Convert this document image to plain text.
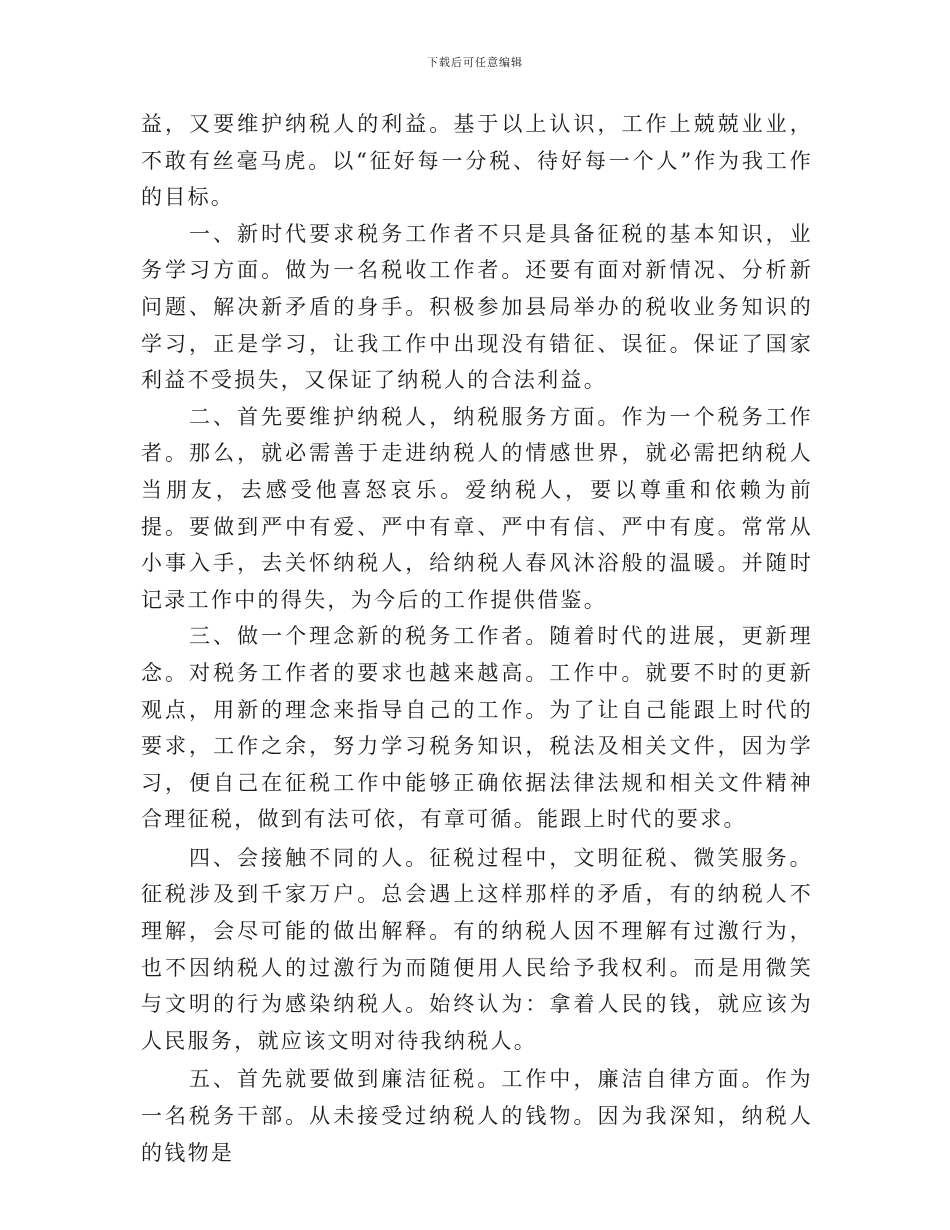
下载后可任意编辑

益，又要维护纳税人的利益。基于以上认识，工作上兢兢业业，不敢有丝毫马虎。以“征好每一分税、待好每一个人”作为我工作的目标。

一、新时代要求税务工作者不只是具备征税的基本知识，业务学习方面。做为一名税收工作者。还要有面对新情况、分析新问题、解决新矛盾的身手。积极参加县局举办的税收业务知识的学习，正是学习，让我工作中出现没有错征、误征。保证了国家利益不受损失，又保证了纳税人的合法利益。

二、首先要维护纳税人，纳税服务方面。作为一个税务工作者。那么，就必需善于走进纳税人的情感世界，就必需把纳税人当朋友，去感受他喜怒哀乐。爱纳税人，要以尊重和依赖为前提。要做到严中有爱、严中有章、严中有信、严中有度。常常从小事入手，去关怀纳税人，给纳税人春风沐浴般的温暖。并随时记录工作中的得失，为今后的工作提供借鉴。

三、做一个理念新的税务工作者。随着时代的进展，更新理念。对税务工作者的要求也越来越高。工作中。就要不时的更新观点，用新的理念来指导自己的工作。为了让自己能跟上时代的要求，工作之余，努力学习税务知识，税法及相关文件，因为学习，便自己在征税工作中能够正确依据法律法规和相关文件精神合理征税，做到有法可依，有章可循。能跟上时代的要求。

四、会接触不同的人。征税过程中，文明征税、微笑服务。征税涉及到千家万户。总会遇上这样那样的矛盾，有的纳税人不理解，会尽可能的做出解释。有的纳税人因不理解有过激行为，也不因纳税人的过激行为而随便用人民给予我权利。而是用微笑与文明的行为感染纳税人。始终认为：拿着人民的钱，就应该为人民服务，就应该文明对待我纳税人。

五、首先就要做到廉洁征税。工作中，廉洁自律方面。作为一名税务干部。从未接受过纳税人的钱物。因为我深知，纳税人的钱物是
